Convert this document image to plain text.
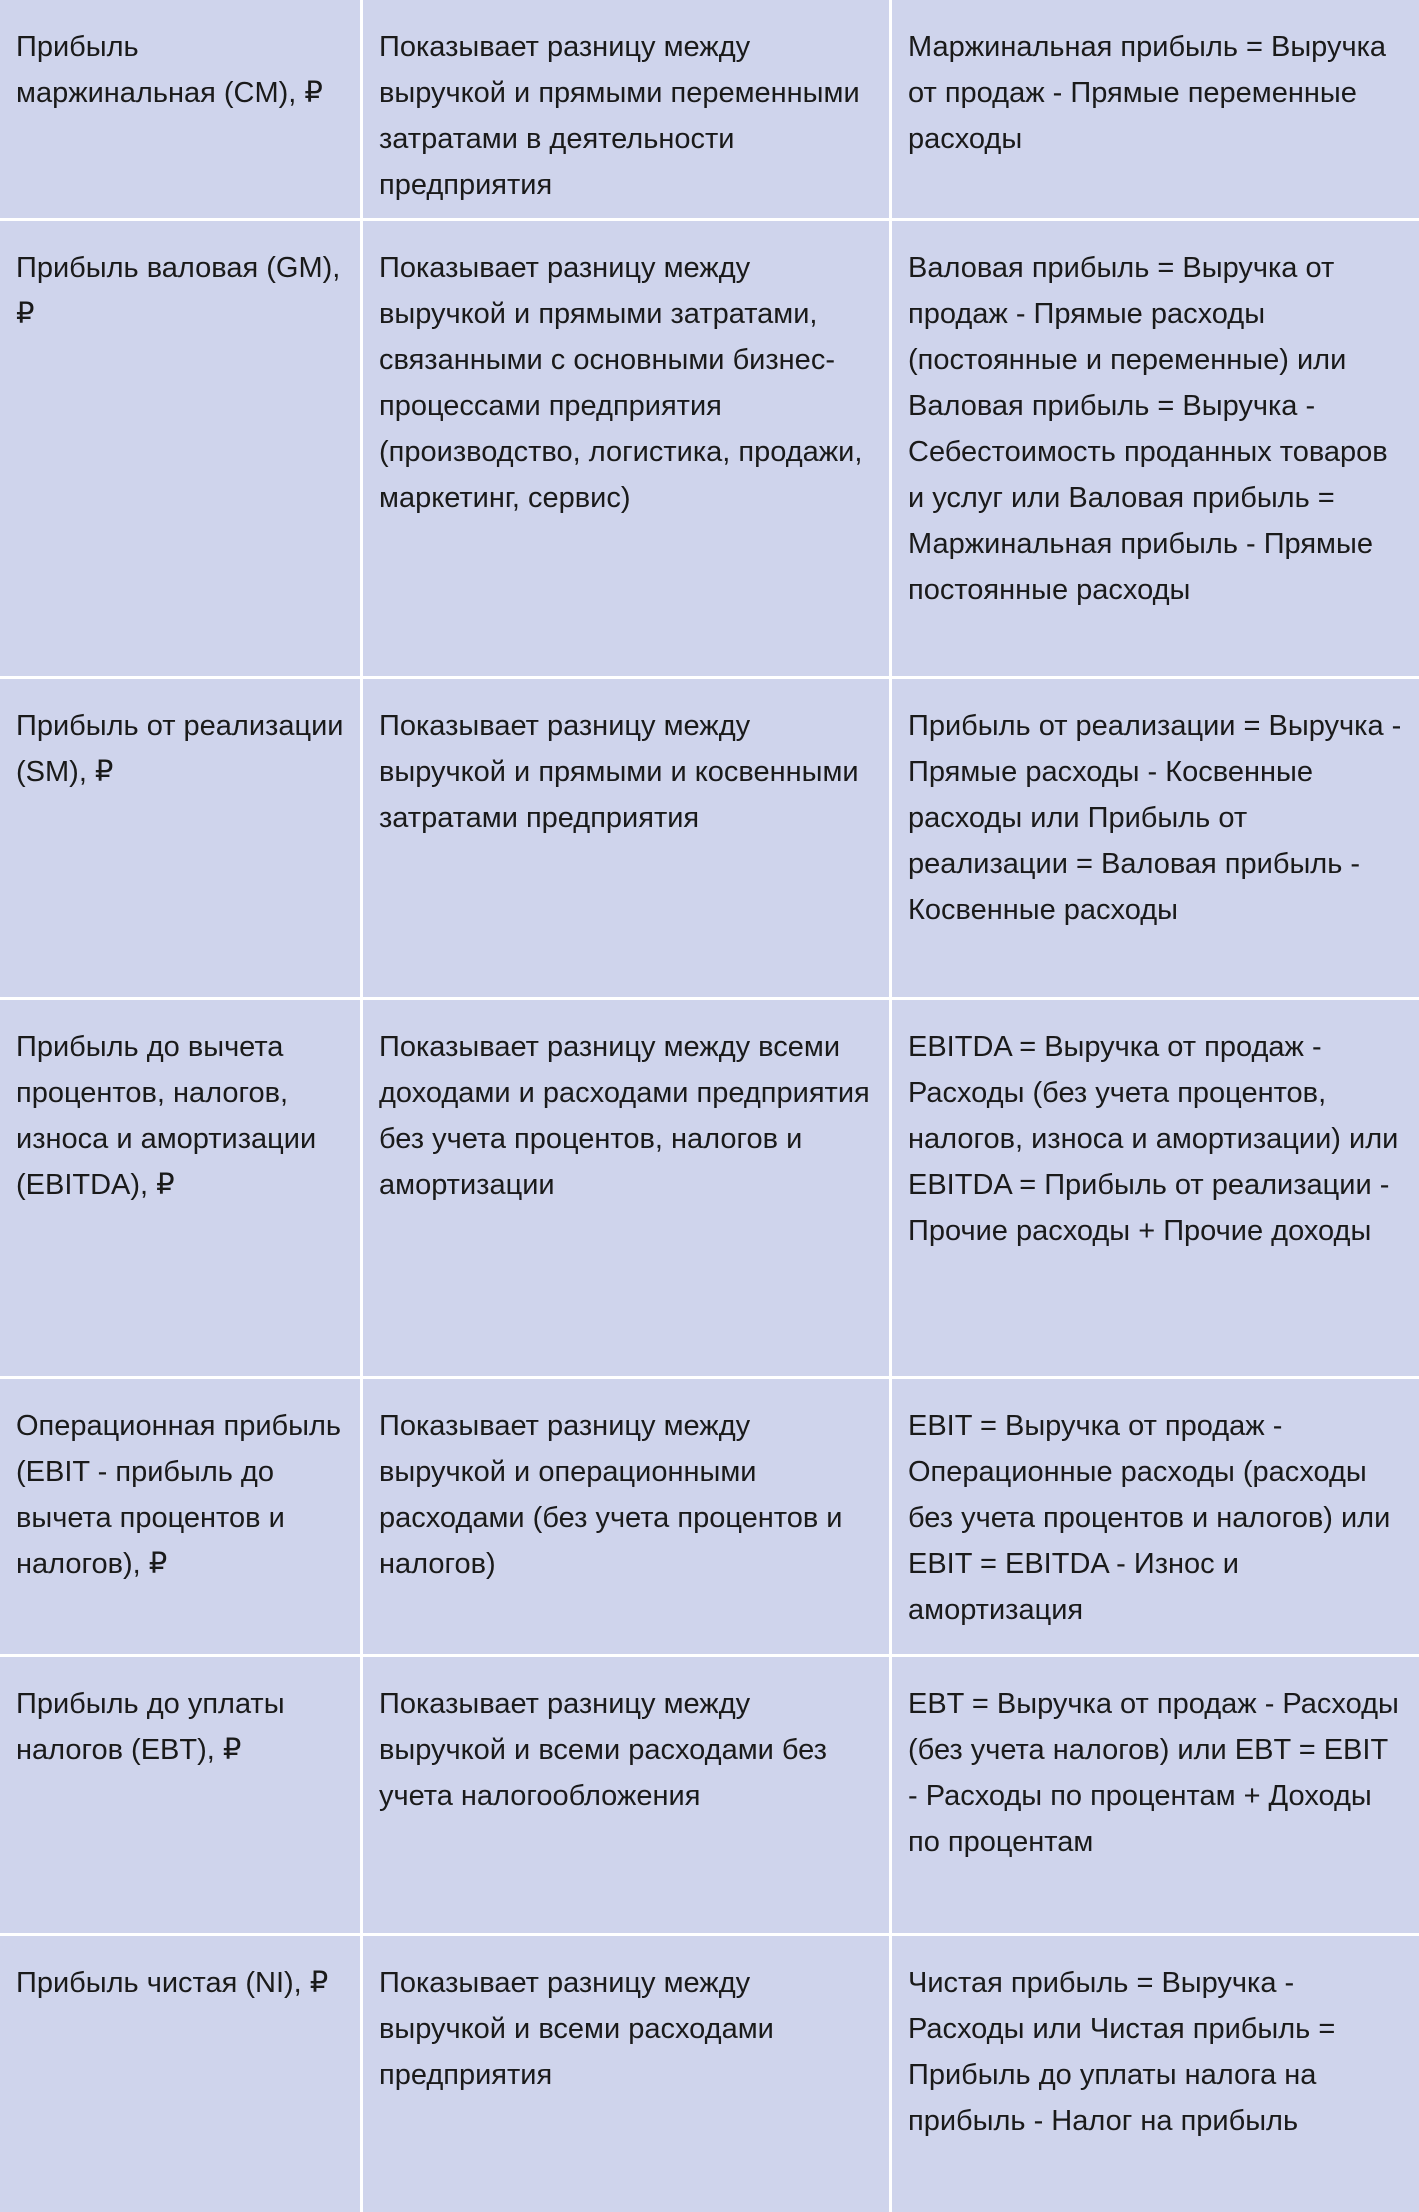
Прибыль маржинальная (CM), ₽
Показывает разницу между выручкой и прямыми переменными затратами в деятельности предприятия
Маржинальная прибыль = Выручка от продаж - Прямые переменные расходы
Прибыль валовая (GM), ₽
Показывает разницу между выручкой и прямыми затратами, связанными с основными бизнес-процессами предприятия (производство, логистика, продажи, маркетинг, сервис)
Валовая прибыль = Выручка от продаж - Прямые расходы (постоянные и переменные) или Валовая прибыль = Выручка - Себестоимость проданных товаров и услуг или Валовая прибыль = Маржинальная прибыль - Прямые постоянные расходы
Прибыль от реализации (SM), ₽
Показывает разницу между выручкой и прямыми и косвенными затратами предприятия
Прибыль от реализации = Выручка - Прямые расходы - Косвенные расходы или Прибыль от реализации = Валовая прибыль - Косвенные расходы
Прибыль до вычета процентов, налогов, износа и амортизации (EBITDA), ₽
Показывает разницу между всеми доходами и расходами предприятия без учета процентов, налогов и амортизации
EBITDA = Выручка от продаж - Расходы (без учета процентов, налогов, износа и амортизации) или EBITDA = Прибыль от реализации - Прочие расходы + Прочие доходы
Операционная прибыль (EBIT - прибыль до вычета процентов и налогов), ₽
Показывает разницу между выручкой и операционными расходами (без учета процентов и налогов)
EBIT = Выручка от продаж - Операционные расходы (расходы без учета процентов и налогов) или EBIT = EBITDA - Износ и амортизация
Прибыль до уплаты налогов (EBT), ₽
Показывает разницу между выручкой и всеми расходами без учета налогообложения
EBT = Выручка от продаж - Расходы (без учета налогов) или EBT = EBIT - Расходы по процентам + Доходы по процентам
Прибыль чистая (NI), ₽	Показывает разницу между выручкой и всеми расходами предприятия
Чистая прибыль = Выручка - Расходы или Чистая прибыль = Прибыль до уплаты налога на прибыль - Налог на прибыль
